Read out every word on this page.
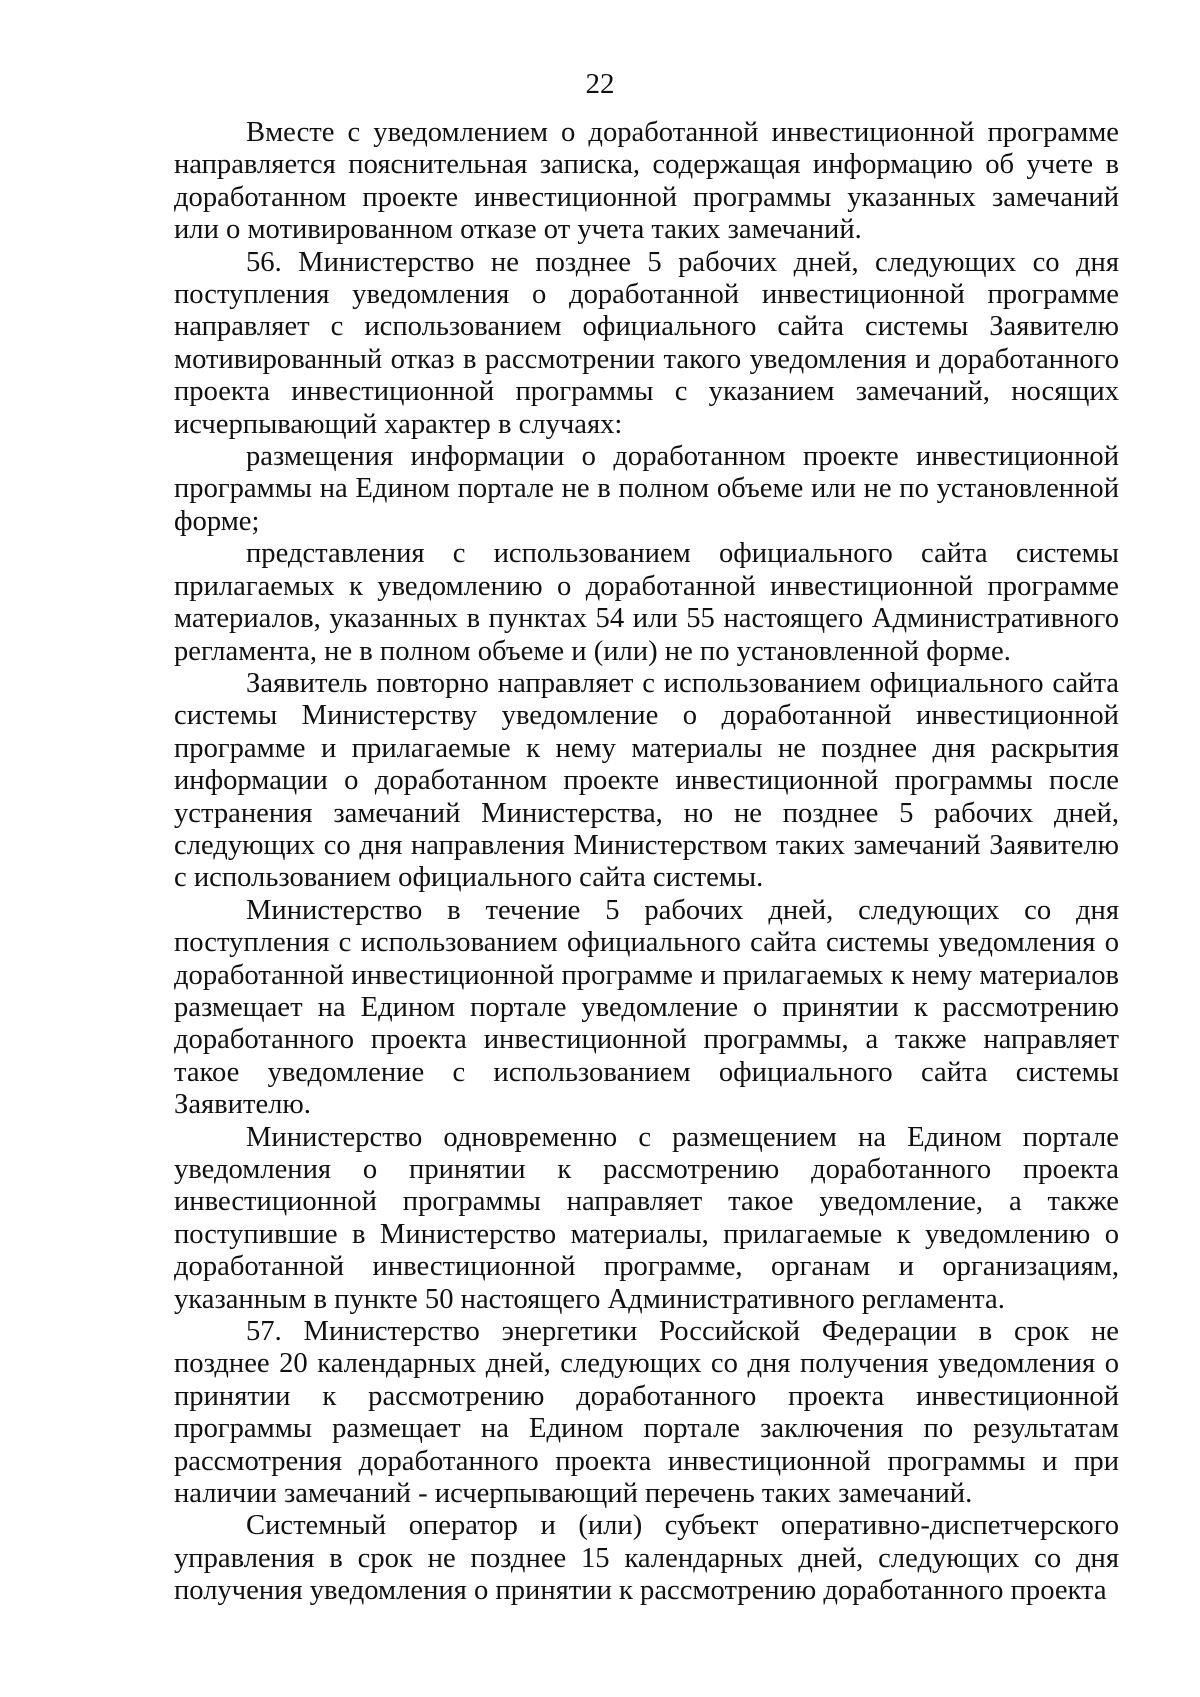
22

Вместе с уведомлением о доработанной инвестиционной программе направляется пояснительная записка, содержащая информацию об учете в доработанном проекте инвестиционной программы указанных замечаний или о мотивированном отказе от учета таких замечаний.

56. Министерство не позднее 5 рабочих дней, следующих со дня поступления уведомления о доработанной инвестиционной программе направляет с использованием официального сайта системы Заявителю мотивированный отказ в рассмотрении такого уведомления и доработанного проекта инвестиционной программы с указанием замечаний, носящих исчерпывающий характер в случаях:

размещения информации о доработанном проекте инвестиционной программы на Едином портале не в полном объеме или не по установленной форме;

представления с использованием официального сайта системы прилагаемых к уведомлению о доработанной инвестиционной программе материалов, указанных в пунктах 54 или 55 настоящего Административного регламента, не в полном объеме и (или) не по установленной форме.

Заявитель повторно направляет с использованием официального сайта системы Министерству уведомление о доработанной инвестиционной программе и прилагаемые к нему материалы не позднее дня раскрытия информации о доработанном проекте инвестиционной программы после устранения замечаний Министерства, но не позднее 5 рабочих дней, следующих со дня направления Министерством таких замечаний Заявителю с использованием официального сайта системы.

Министерство в течение 5 рабочих дней, следующих со дня поступления с использованием официального сайта системы уведомления о доработанной инвестиционной программе и прилагаемых к нему материалов размещает на Едином портале уведомление о принятии к рассмотрению доработанного проекта инвестиционной программы, а также направляет такое уведомление с использованием официального сайта системы Заявителю.

Министерство одновременно с размещением на Едином портале уведомления о принятии к рассмотрению доработанного проекта инвестиционной программы направляет такое уведомление, а также поступившие в Министерство материалы, прилагаемые к уведомлению о доработанной инвестиционной программе, органам и организациям, указанным в пункте 50 настоящего Административного регламента.

57. Министерство энергетики Российской Федерации в срок не позднее 20 календарных дней, следующих со дня получения уведомления о принятии к рассмотрению доработанного проекта инвестиционной программы размещает на Едином портале заключения по результатам рассмотрения доработанного проекта инвестиционной программы и при наличии замечаний - исчерпывающий перечень таких замечаний.

Системный оператор и (или) субъект оперативно-диспетчерского управления в срок не позднее 15 календарных дней, следующих со дня получения уведомления о принятии к рассмотрению доработанного проекта
